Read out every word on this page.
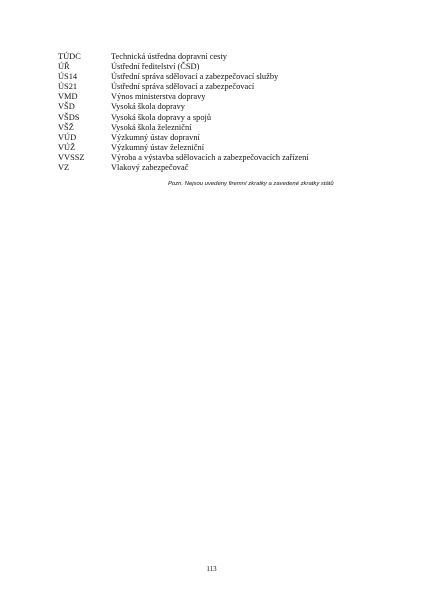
TÚDC	Technická ústředna dopravní cesty
ÚŘ	Ústřední ředitelství (ČSD)
ÚS14	Ústřední správa sdělovací a zabezpečovací služby
ÚS21	Ústřední správa sdělovací a zabezpečovací
VMD	Výnos ministerstva dopravy
VŠD	Vysoká škola dopravy
VŠDS	Vysoká škola dopravy a spojů
VŠŽ	Vysoká škola železniční
VÚD	Výzkumný ústav dopravní
VÚŽ	Výzkumný ústav železniční
VVSSZ	Výroba a výstavba sdělovacích a zabezpečovacích zařízení
VZ	Vlakový zabezpečovač
Pozn. Nejsou uvedeny firemní zkratky a zavedené zkratky států
113
